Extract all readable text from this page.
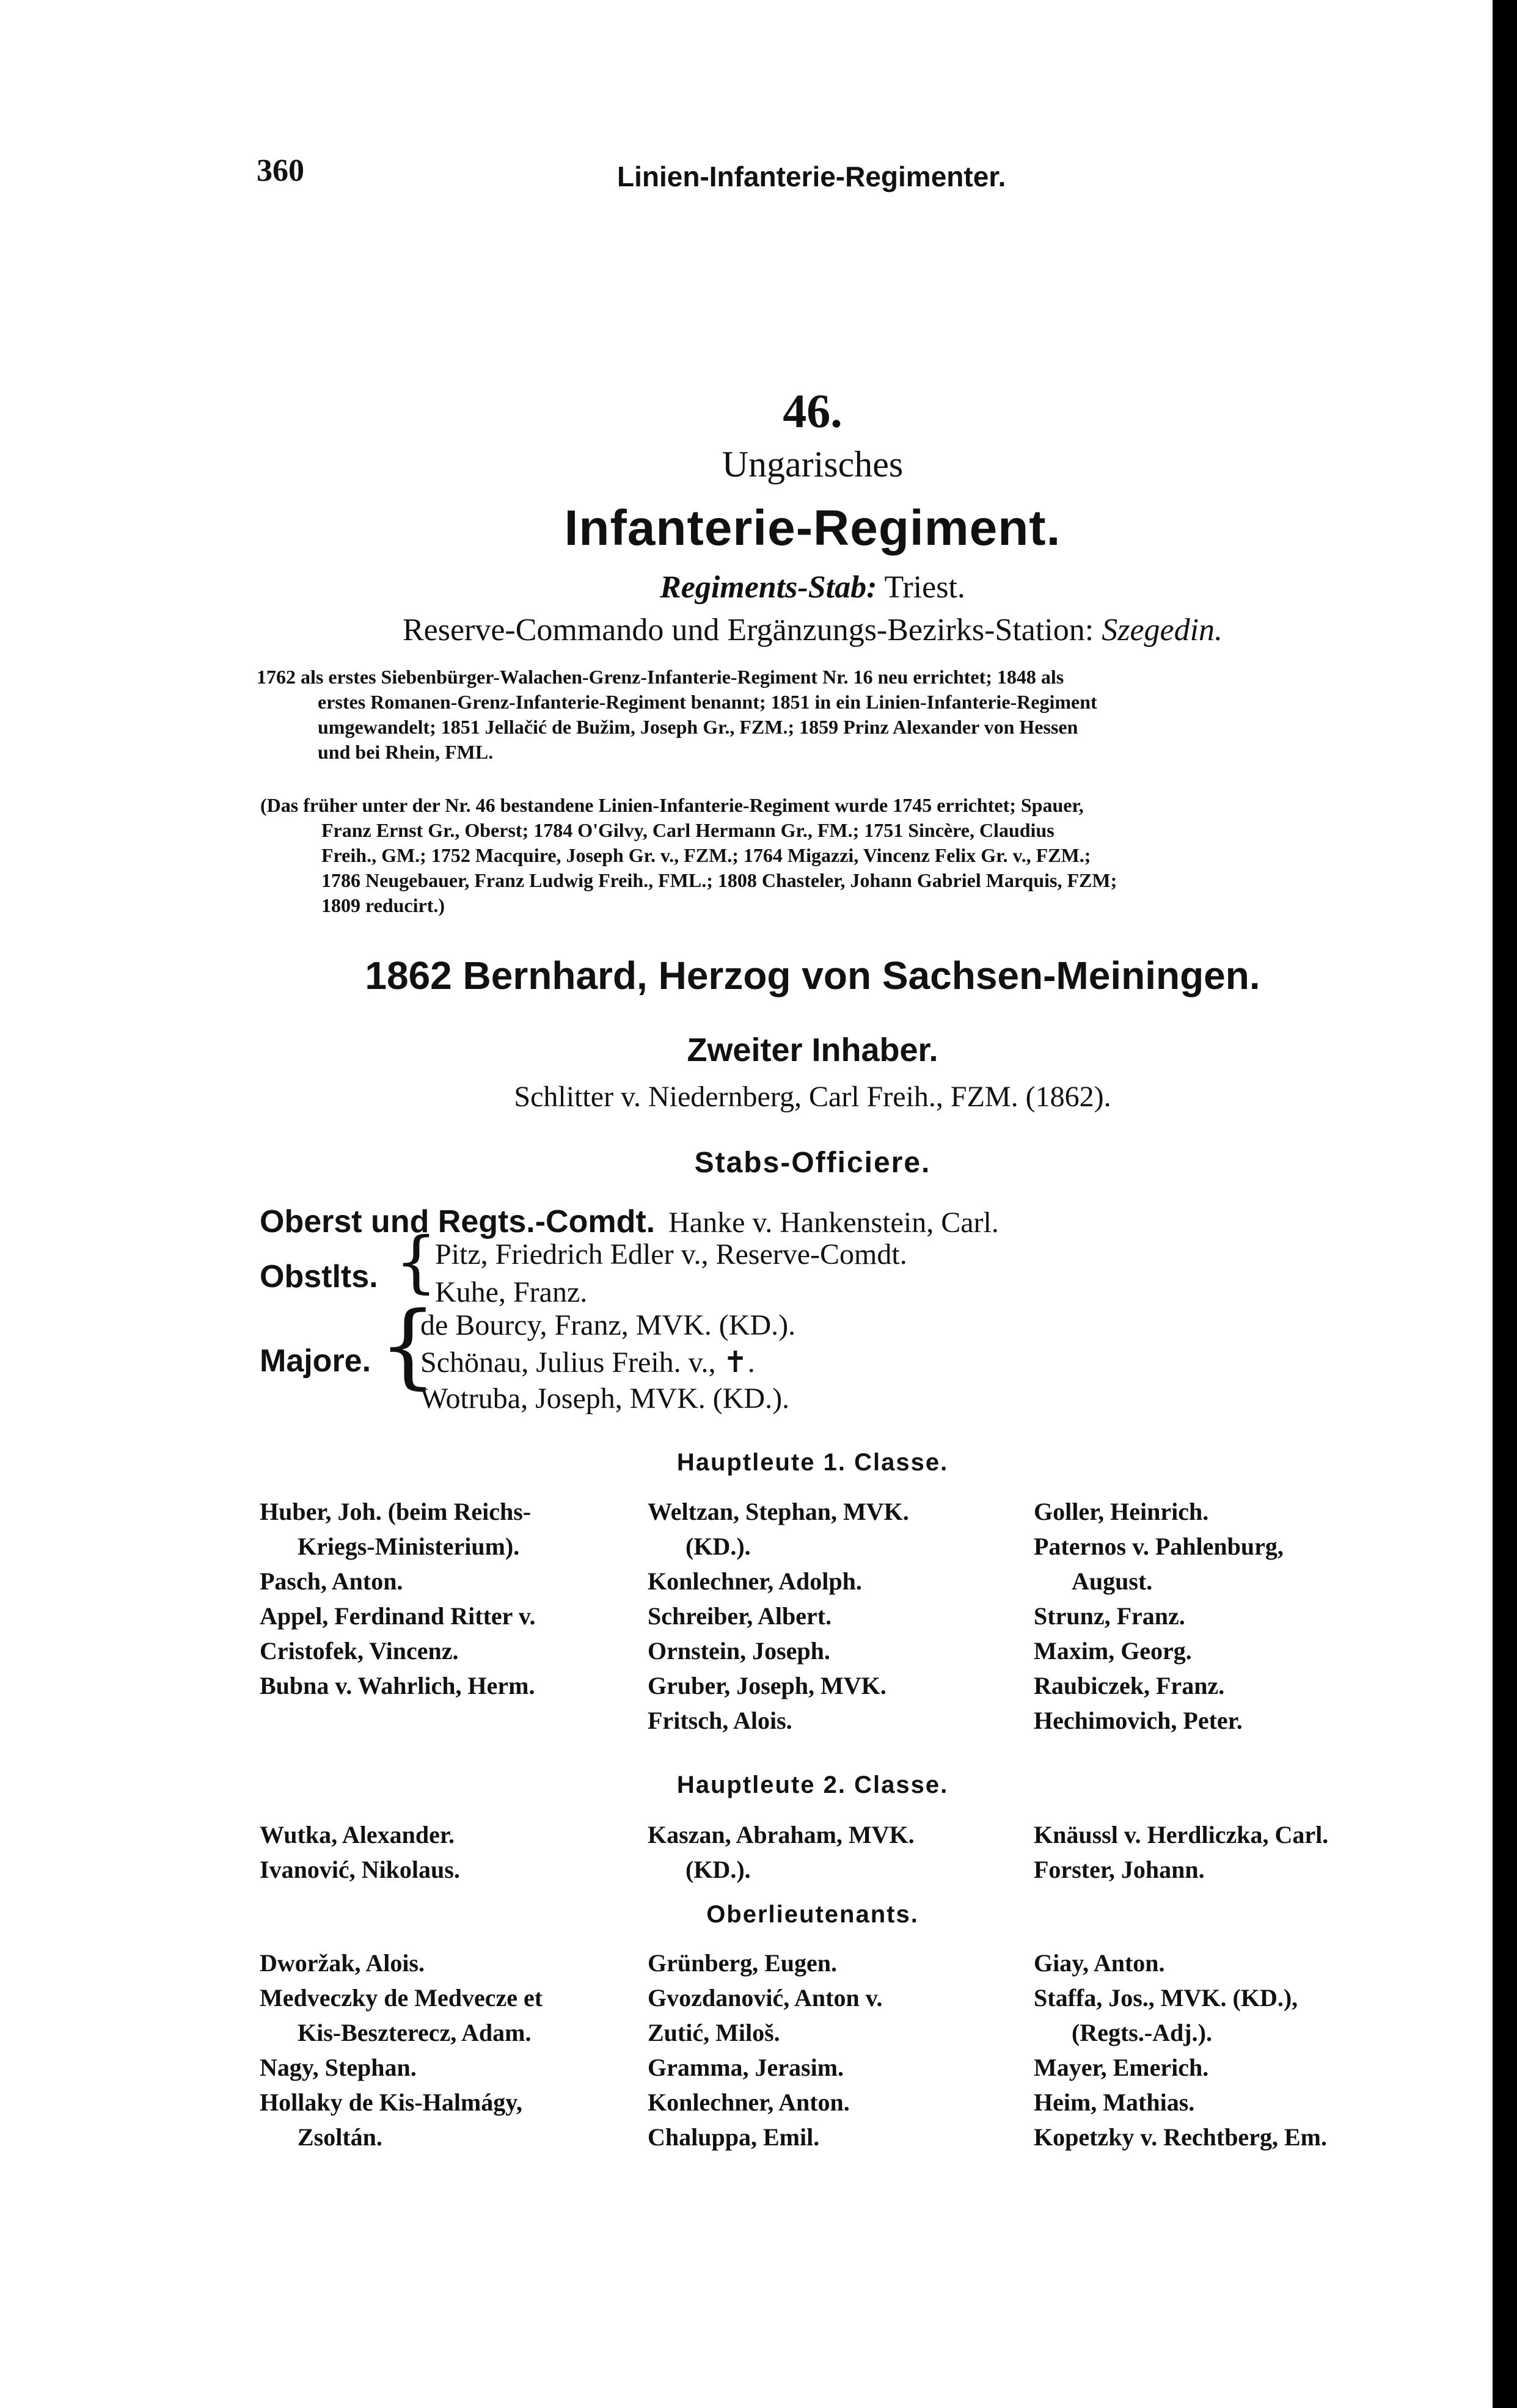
360	Linien-Infanterie-Regimenter.
46.
Ungarisches
Infanterie-Regiment.
Regiments-Stab: Triest.
Reserve-Commando und Ergänzungs-Bezirks-Station: Szegedin.
1762 als erstes Siebenbürger-Walachen-Grenz-Infanterie-Regiment Nr. 16 neu errichtet; 1848 als
erstes Romanen-Grenz-Infanterie-Regiment benannt; 1851 in ein Linien-Infanterie-Regiment
umgewandelt; 1851 Jellačić de Bužim, Joseph Gr., FZM.; 1859 Prinz Alexander von Hessen
und bei Rhein, FML.
(Das früher unter der Nr. 46 bestandene Linien-Infanterie-Regiment wurde 1745 errichtet; Spauer,
Franz Ernst Gr., Oberst; 1784 O'Gilvy, Carl Hermann Gr., FM.; 1751 Sincère, Claudius
Freih., GM.; 1752 Macquire, Joseph Gr. v., FZM.; 1764 Migazzi, Vincenz Felix Gr. v., FZM.;
1786 Neugebauer, Franz Ludwig Freih., FML.; 1808 Chasteler, Johann Gabriel Marquis, FZM;
1809 reducirt.)
1862 Bernhard, Herzog von Sachsen-Meiningen.
Zweiter Inhaber.
Schlitter v. Niedernberg, Carl Freih., FZM. (1862).
Stabs-Officiere.
Oberst und Regts.-Comdt. Hanke v. Hankenstein, Carl.
Obstlts. {
Pitz, Friedrich Edler v., Reserve-Comdt.
Kuhe, Franz.
Majore. {
de Bourcy, Franz, MVK. (KD.).
Schönau, Julius Freih. v., ✝.
Wotruba, Joseph, MVK. (KD.).
Hauptleute 1. Classe.
Huber, Joh. (beim Reichs-
Kriegs-Ministerium).
Pasch, Anton.
Appel, Ferdinand Ritter v.
Cristofek, Vincenz.
Bubna v. Wahrlich, Herm.
Weltzan, Stephan, MVK.
(KD.).
Konlechner, Adolph.
Schreiber, Albert.
Ornstein, Joseph.
Gruber, Joseph, MVK.
Fritsch, Alois.
Goller, Heinrich.
Paternos v. Pahlenburg,
August.
Strunz, Franz.
Maxim, Georg.
Raubiczek, Franz.
Hechimovich, Peter.
Hauptleute 2. Classe.
Wutka, Alexander.
Ivanović, Nikolaus.
Kaszan, Abraham, MVK.
(KD.).
Knäussl v. Herdliczka, Carl.
Forster, Johann.
Oberlieutenants.
Dworžak, Alois.
Medveczky de Medvecze et
Kis-Beszterecz, Adam.
Nagy, Stephan.
Hollaky de Kis-Halmágy,
Zsoltán.
Grünberg, Eugen.
Gvozdanović, Anton v.
Zutić, Miloš.
Gramma, Jerasim.
Konlechner, Anton.
Chaluppa, Emil.
Giay, Anton.
Staffa, Jos., MVK. (KD.),
(Regts.-Adj.).
Mayer, Emerich.
Heim, Mathias.
Kopetzky v. Rechtberg, Em.
